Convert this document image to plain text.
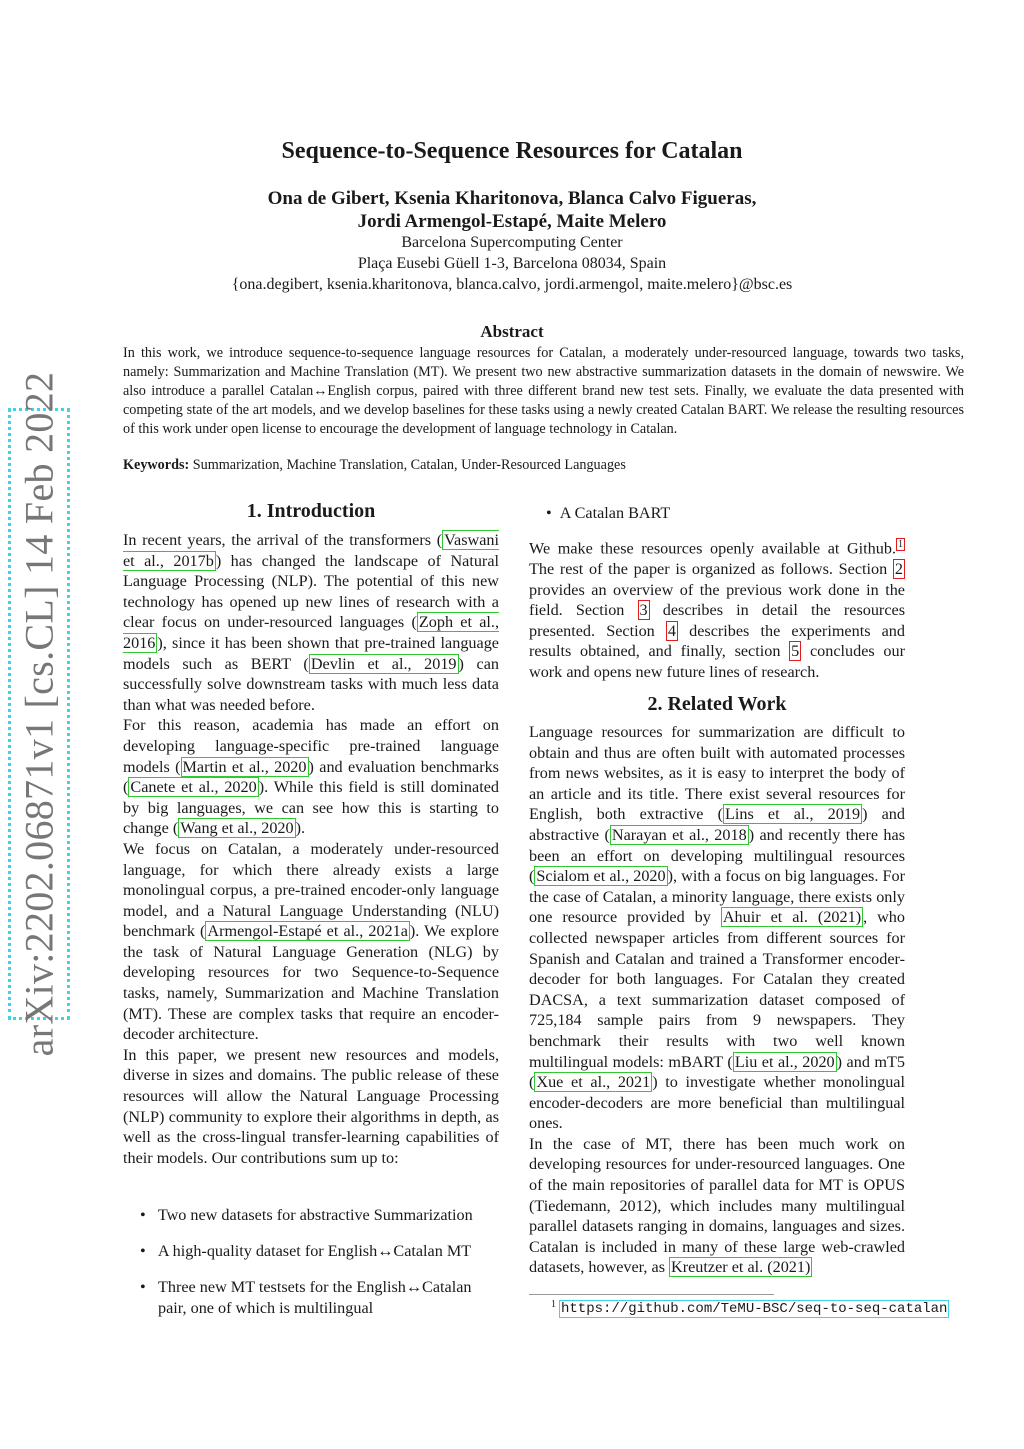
arXiv:2202.06871v1 [cs.CL] 14 Feb 2022
Sequence-to-Sequence Resources for Catalan
Ona de Gibert, Ksenia Kharitonova, Blanca Calvo Figueras,
Jordi Armengol-Estapé, Maite Melero
Barcelona Supercomputing Center
Plaça Eusebi Güell 1-3, Barcelona 08034, Spain
{ona.degibert, ksenia.kharitonova, blanca.calvo, jordi.armengol, maite.melero}@bsc.es
Abstract
In this work, we introduce sequence-to-sequence language resources for Catalan, a moderately under-resourced language, towards two tasks, namely: Summarization and Machine Translation (MT). We present two new abstractive summarization datasets in the domain of newswire. We also introduce a parallel Catalan↔English corpus, paired with three different brand new test sets. Finally, we evaluate the data presented with competing state of the art models, and we develop baselines for these tasks using a newly created Catalan BART. We release the resulting resources of this work under open license to encourage the development of language technology in Catalan.
Keywords: Summarization, Machine Translation, Catalan, Under-Resourced Languages
1. Introduction

In recent years, the arrival of the transformers ( Vaswani et al., 2017b ) has changed the landscape of Natural Language Processing (NLP). The potential of this new technology has opened up new lines of research with a clear focus on under-resourced languages ( Zoph et al., 2016 ), since it has been shown that pre-trained language models such as BERT ( Devlin et al., 2019 ) can successfully solve downstream tasks with much less data than what was needed before.

For this reason, academia has made an effort on developing language-specific pre-trained language models ( Martin et al., 2020 ) and evaluation benchmarks ( Canete et al., 2020 ). While this field is still dominated by big languages, we can see how this is starting to change ( Wang et al., 2020 ).

We focus on Catalan, a moderately under-resourced language, for which there already exists a large monolingual corpus, a pre-trained encoder-only language model, and a Natural Language Understanding (NLU) benchmark ( Armengol-Estapé et al., 2021a ). We explore the task of Natural Language Generation (NLG) by developing resources for two Sequence-to-Sequence tasks, namely, Summarization and Machine Translation (MT). These are complex tasks that require an encoder-decoder architecture.

In this paper, we present new resources and models, diverse in sizes and domains. The public release of these resources will allow the Natural Language Processing (NLP) community to explore their algorithms in depth, as well as the cross-lingual transfer-learning capabilities of their models. Our contributions sum up to:

•   Two new datasets for abstractive Summarization
•   A high-quality dataset for English↔Catalan MT
• Three new MT testsets for the English↔Catalan pair, one of which is multilingual
•  A Catalan BART

We make these resources openly available at Github. $^1$ The rest of the paper is organized as follows. Section 2 provides an overview of the previous work done in the field. Section 3 describes in detail the resources presented. Section 4 describes the experiments and results obtained, and finally, section 5 concludes our work and opens new future lines of research.

2. Related Work

Language resources for summarization are difficult to obtain and thus are often built with automated processes from news websites, as it is easy to interpret the body of an article and its title. There exist several resources for English, both extractive ( Lins et al., 2019 ) and abstractive ( Narayan et al., 2018 ) and recently there has been an effort on developing multilingual resources ( Scialom et al., 2020 ), with a focus on big languages. For the case of Catalan, a minority language, there exists only one resource provided by Ahuir et al. (2021) , who collected newspaper articles from different sources for Spanish and Catalan and trained a Transformer encoder-decoder for both languages. For Catalan they created DACSA, a text summarization dataset composed of 725,184 sample pairs from 9 newspapers. They benchmark their results with two well known multilingual models: mBART ( Liu et al., 2020 ) and mT5 ( Xue et al., 2021 ) to investigate whether monolingual encoder-decoders are more beneficial than multilingual ones.

In the case of MT, there has been much work on developing resources for under-resourced languages. One of the main repositories of parallel data for MT is OPUS (Tiedemann, 2012), which includes many multilingual parallel datasets ranging in domains, languages and sizes. Catalan is included in many of these large web-crawled datasets, however, as Kreutzer et al. (2021)

$^1$ https://github.com/TeMU-BSC/seq-to-seq-catalan
